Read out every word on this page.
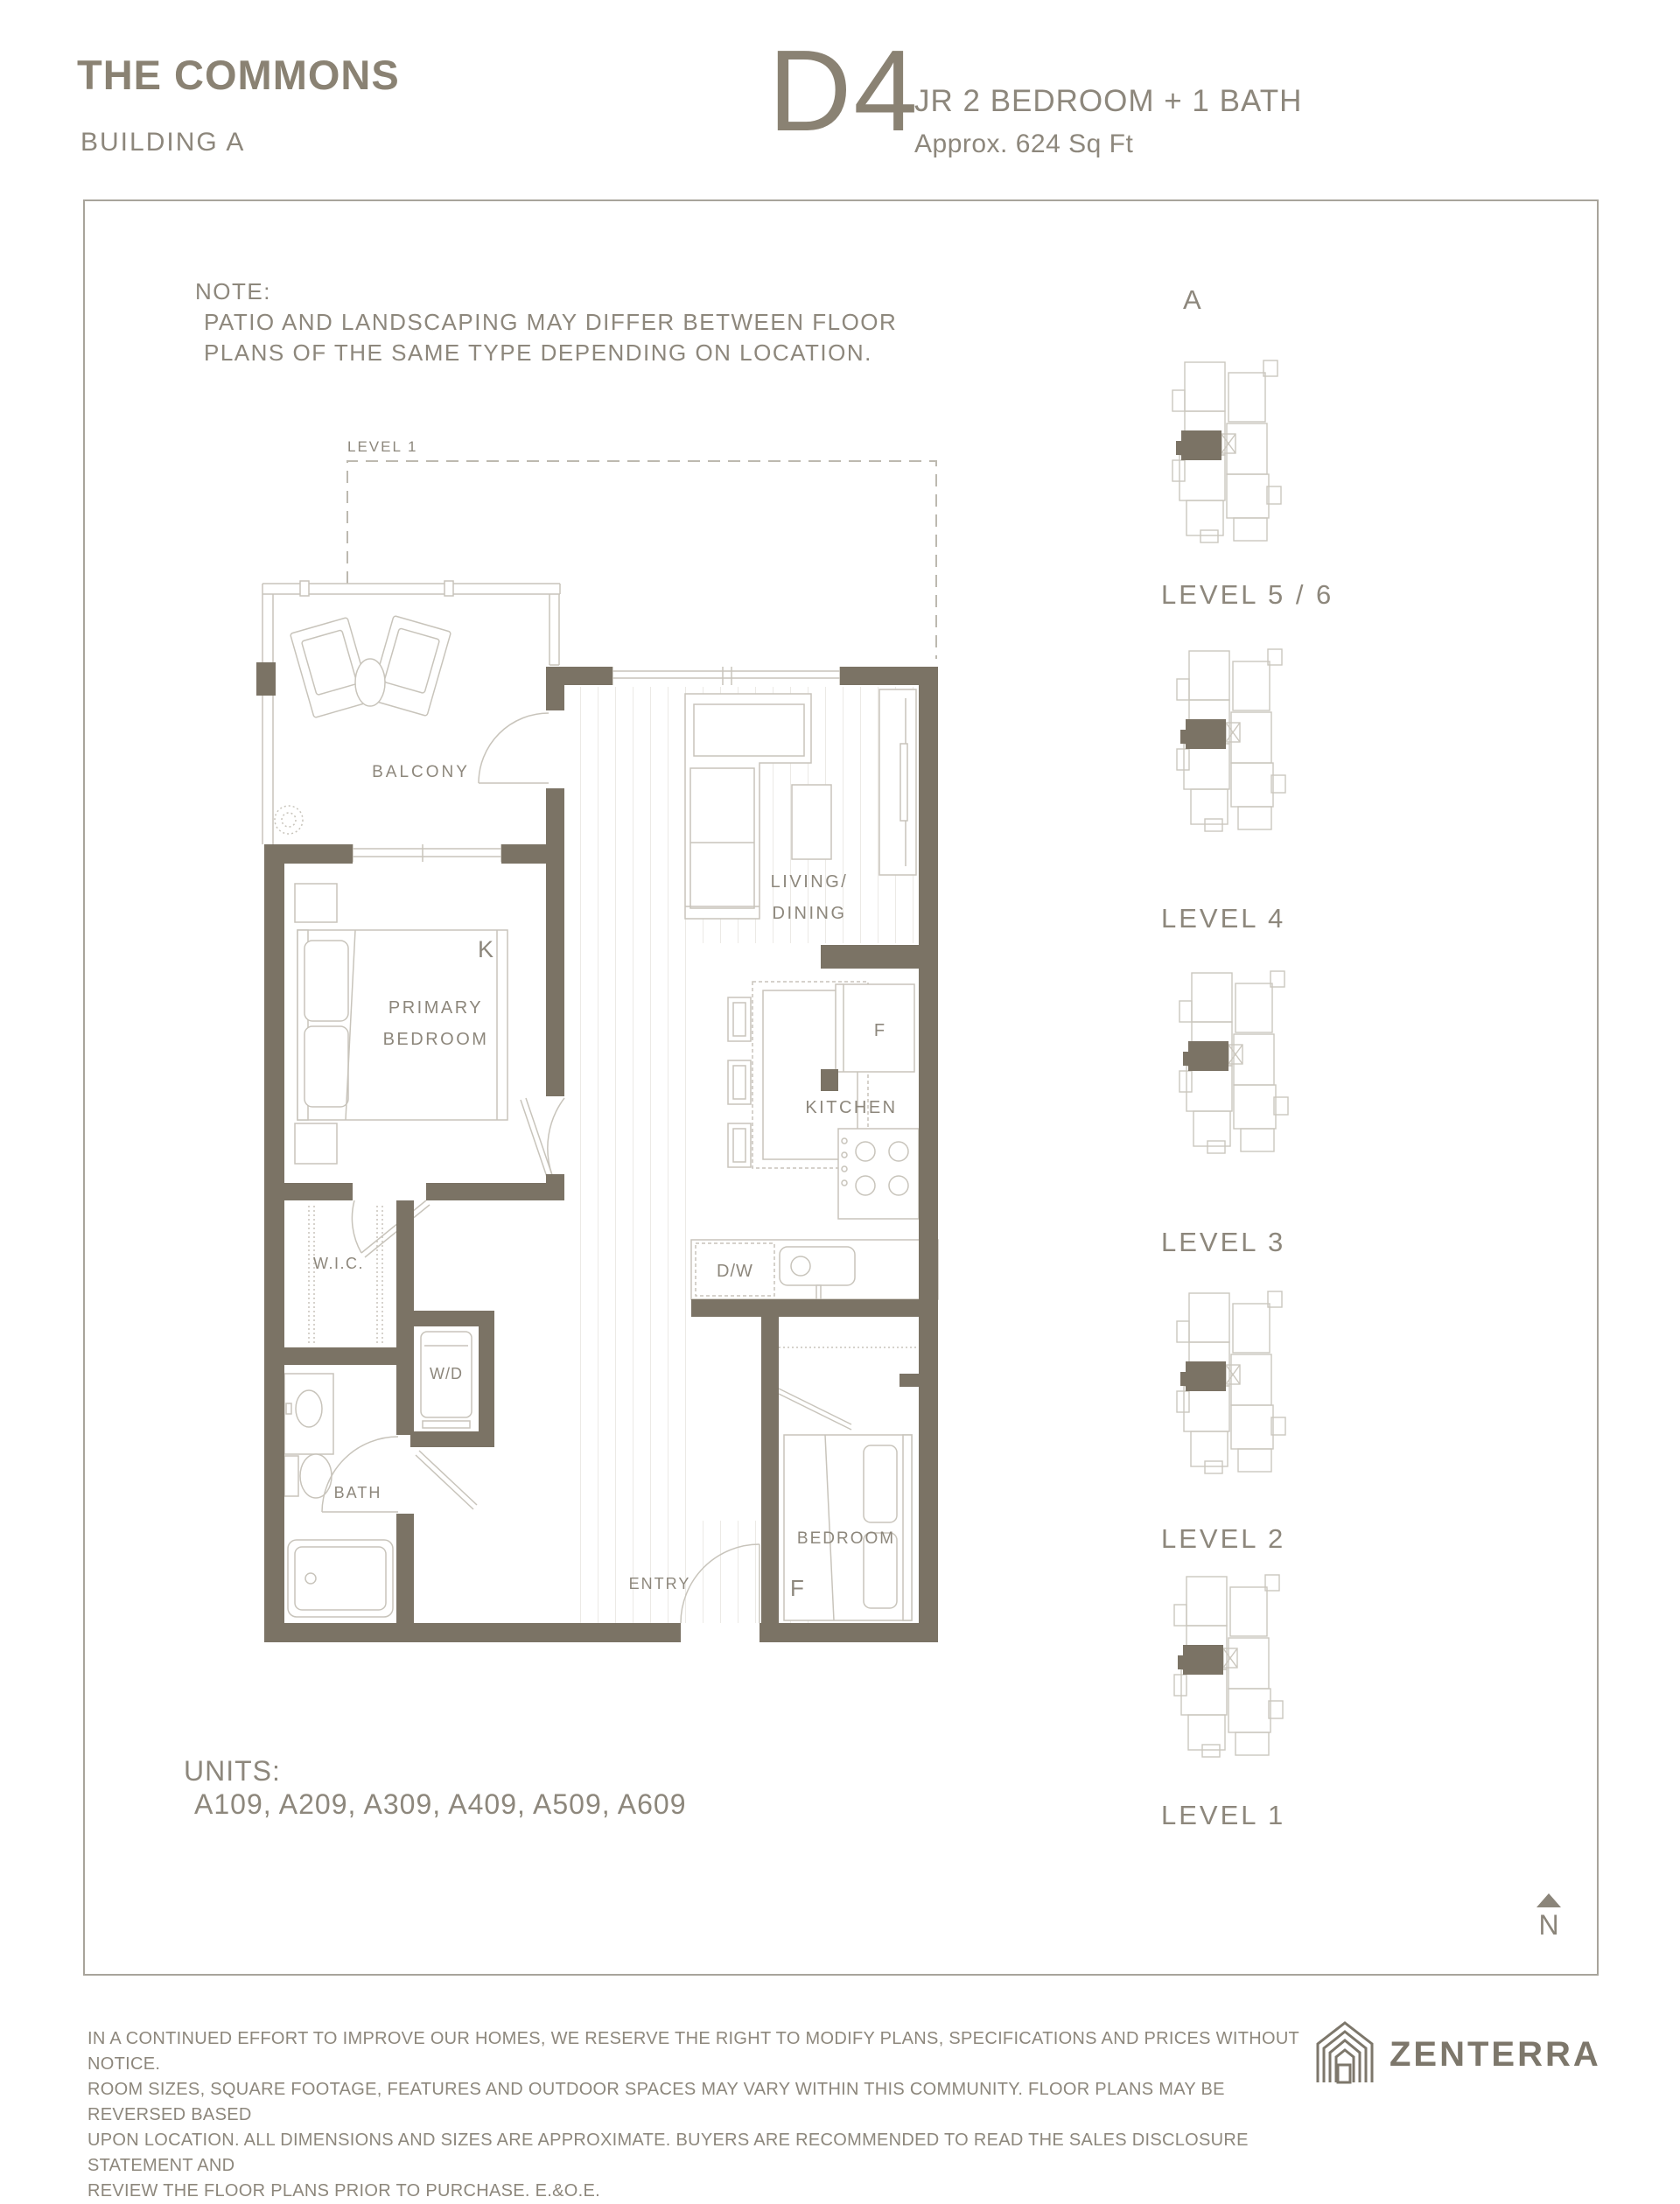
THE COMMONS
BUILDING A	D4
JR 2 BEDROOM + 1 BATH
Approx. 624 Sq Ft
NOTE:
PATIO AND LANDSCAPING MAY DIFFER BETWEEN FLOOR
PLANS OF THE SAME TYPE DEPENDING ON LOCATION.
LEVEL 1
BALCONY
K
PRIMARY
BEDROOM
W.I.C.
BATH
W/D
F
D/W
KITCHEN
LIVING/
DINING
BEDROOM
F
ENTRY
A
LEVEL 5 / 6
LEVEL 4
LEVEL 3
LEVEL 2
LEVEL 1
N
UNITS:
A109, A209, A309, A409, A509, A609
IN A CONTINUED EFFORT TO IMPROVE OUR HOMES, WE RESERVE THE RIGHT TO MODIFY PLANS, SPECIFICATIONS AND PRICES WITHOUT NOTICE.
ROOM SIZES, SQUARE FOOTAGE, FEATURES AND OUTDOOR SPACES MAY VARY WITHIN THIS COMMUNITY. FLOOR PLANS MAY BE REVERSED BASED
UPON LOCATION. ALL DIMENSIONS AND SIZES ARE APPROXIMATE. BUYERS ARE RECOMMENDED TO READ THE SALES DISCLOSURE STATEMENT AND
REVIEW THE FLOOR PLANS PRIOR TO PURCHASE. E.&O.E.
ZENTERRA
